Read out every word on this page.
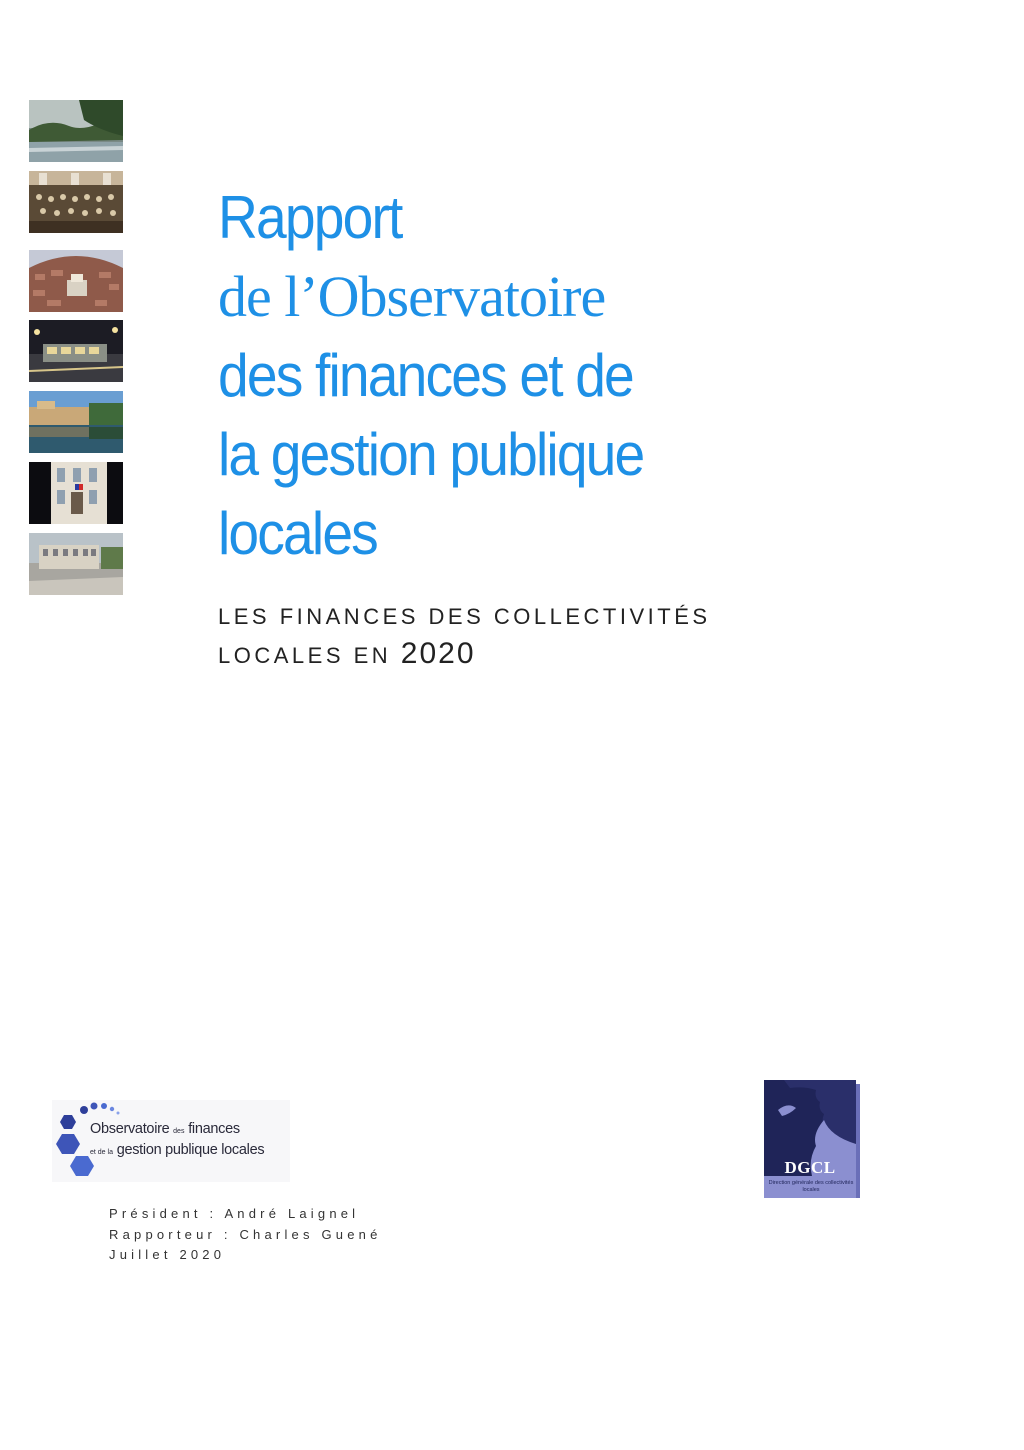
Rapport
de l’Observatoire
des finances et de
la gestion publique
locales
LES FINANCES DES COLLECTIVITÉS
LOCALES EN 2020
Observatoire des finances
et de la gestion publique locales
Président : André Laignel
Rapporteur : Charles Guené
Juillet 2020
DGCL
Direction générale des collectivités locales
